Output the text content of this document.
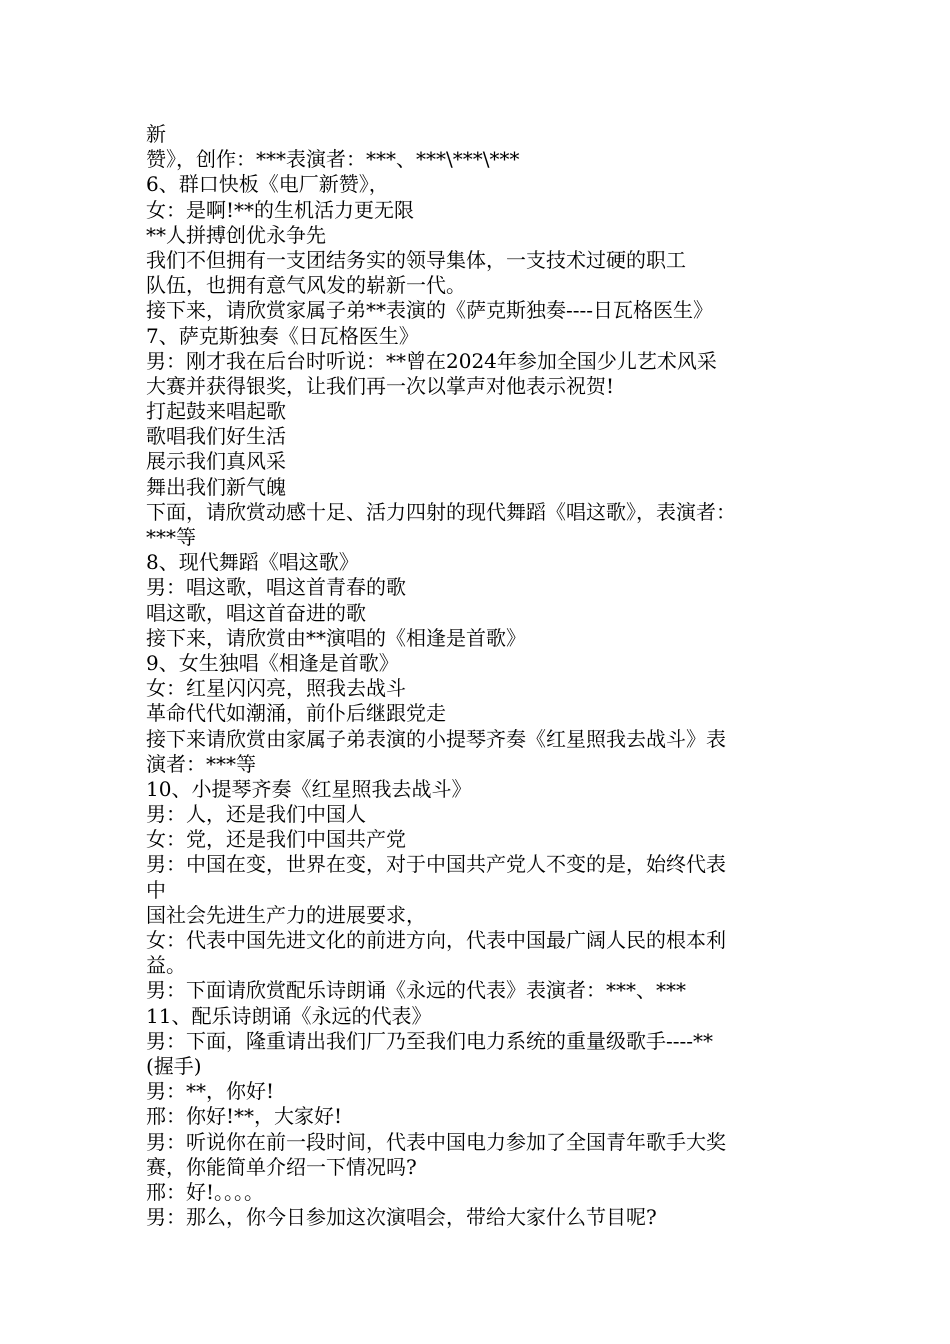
新
赞》，创作：***表演者：***、***\***\***
6、群口快板《电厂新赞》，
女：是啊!**的生机活力更无限
**人拼搏创优永争先
我们不但拥有一支团结务实的领导集体，一支技术过硬的职工
队伍，也拥有意气风发的崭新一代。
接下来，请欣赏家属子弟**表演的《萨克斯独奏----日瓦格医生》
7、萨克斯独奏《日瓦格医生》
男：刚才我在后台时听说：**曾在2024年参加全国少儿艺术风采
大赛并获得银奖，让我们再一次以掌声对他表示祝贺!
打起鼓来唱起歌
歌唱我们好生活
展示我们真风采
舞出我们新气魄
下面，请欣赏动感十足、活力四射的现代舞蹈《唱这歌》，表演者：
***等
8、现代舞蹈《唱这歌》
男：唱这歌，唱这首青春的歌
唱这歌，唱这首奋进的歌
接下来，请欣赏由**演唱的《相逢是首歌》
9、女生独唱《相逢是首歌》
女：红星闪闪亮，照我去战斗
革命代代如潮涌，前仆后继跟党走
接下来请欣赏由家属子弟表演的小提琴齐奏《红星照我去战斗》表
演者：***等
10、小提琴齐奏《红星照我去战斗》
男：人，还是我们中国人
女：党，还是我们中国共产党
男：中国在变，世界在变，对于中国共产党人不变的是，始终代表
中
国社会先进生产力的进展要求，
女：代表中国先进文化的前进方向，代表中国最广阔人民的根本利
益。
男：下面请欣赏配乐诗朗诵《永远的代表》表演者：***、***
11、配乐诗朗诵《永远的代表》
男：下面，隆重请出我们厂乃至我们电力系统的重量级歌手----**
(握手)
男：**，你好!
邢：你好!**，大家好!
男：听说你在前一段时间，代表中国电力参加了全国青年歌手大奖
赛，你能简单介绍一下情况吗?
邢：好!。。。。
男：那么，你今日参加这次演唱会，带给大家什么节目呢?
